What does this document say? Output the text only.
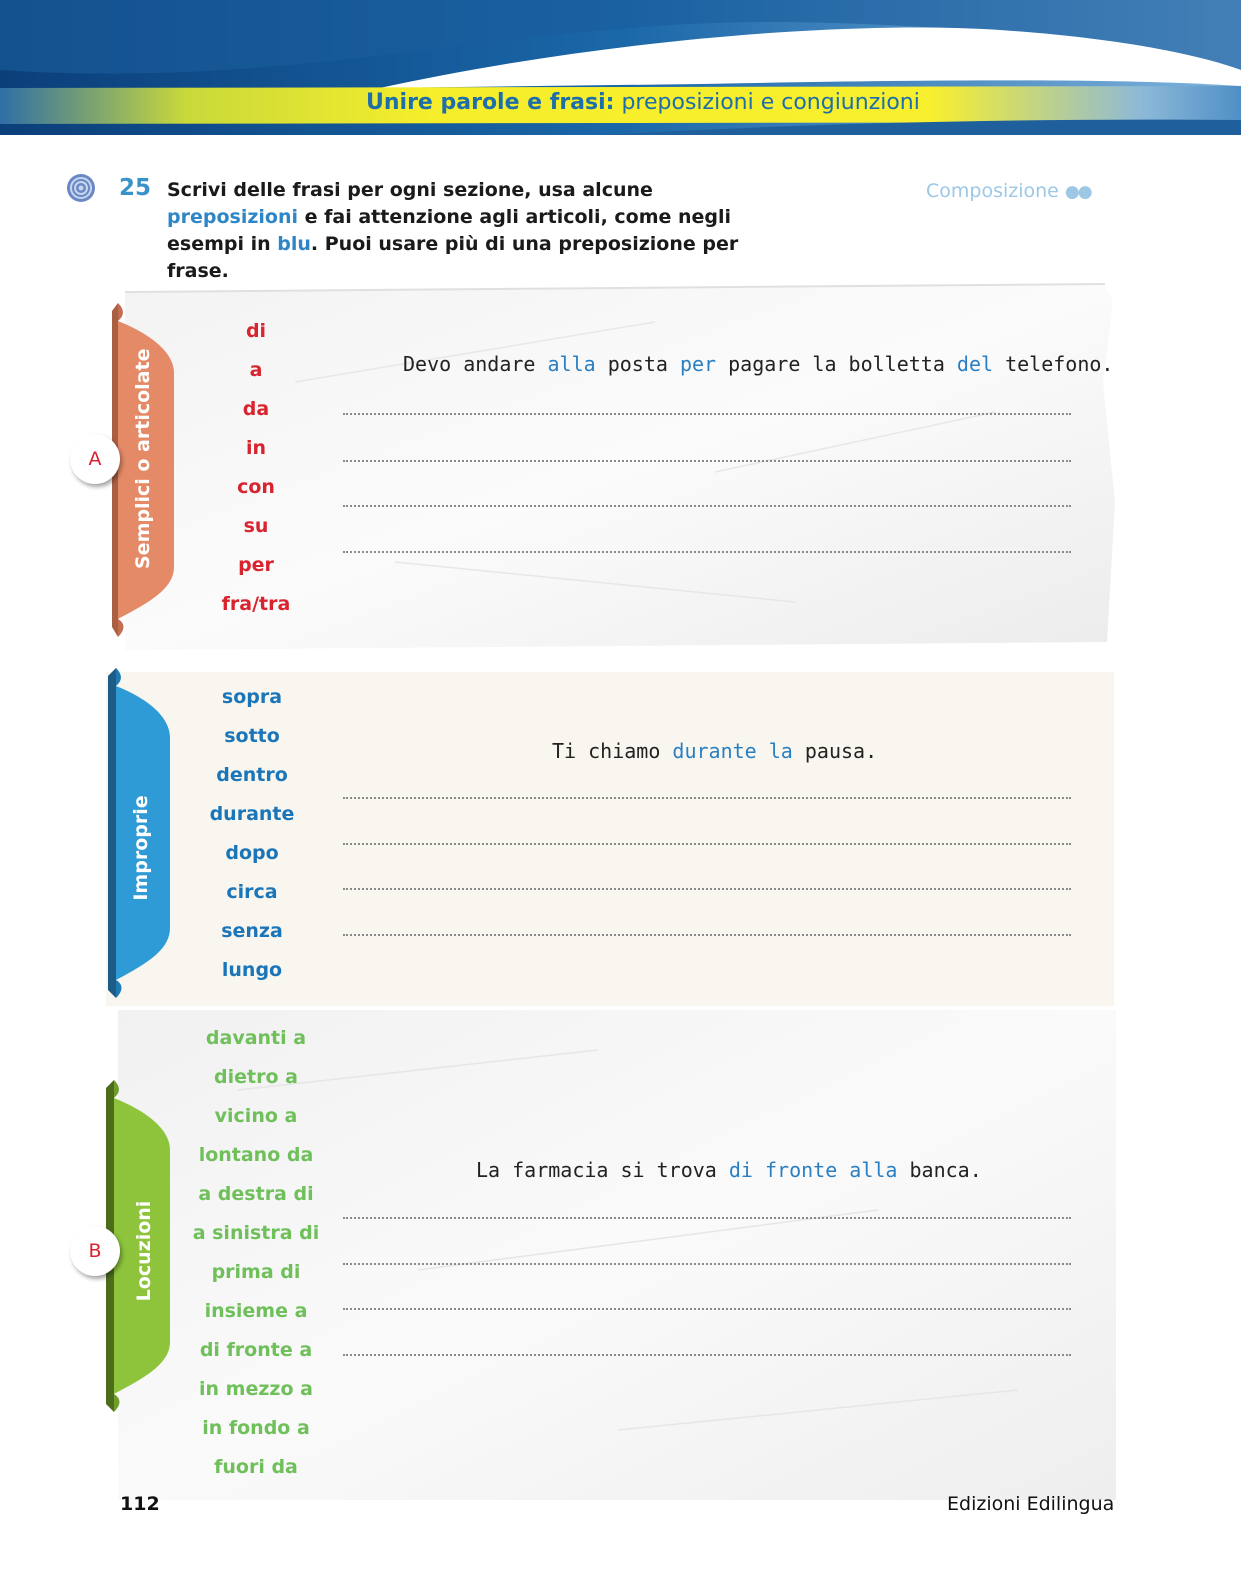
Unire parole e frasi: preposizioni e congiunzioni
25 Scrivi delle frasi per ogni sezione, usa alcune preposizioni e fai attenzione agli articoli, come negli esempi in blu. Puoi usare più di una preposizione per frase.
Composizione ●●
Semplici o articolate
A
di
a
da
in
con
su
per
fra/tra
Devo andare alla posta per pagare la bolletta del telefono.
Improprie
sopra
sotto
dentro
durante
dopo
circa
senza
lungo
Ti chiamo durante la pausa.
Locuzioni
B
davanti a
dietro a
vicino a
lontano da
a destra di
a sinistra di
prima di
insieme a
di fronte a
in mezzo a
in fondo a
fuori da
La farmacia si trova di fronte alla banca.
112	Edizioni Edilingua
